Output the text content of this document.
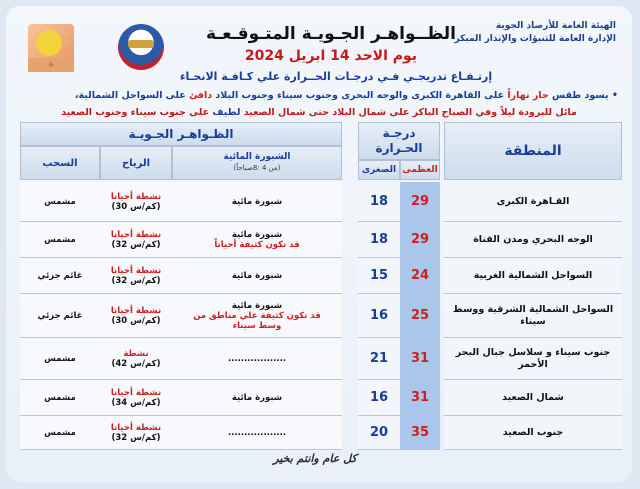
☼
الهيئة العامة للأرصاد الجوية
الإدارة العامة للتنبؤات والإنذار المبكر
الظــواهـر الجـويـة المتـوقـعـة
يوم الاحد 14 ابريل 2024
إرتـفـاع تدريجـي فـي درجـات الحــرارة علي كـافـة الانحـاء
• يسود طقس حار نهاراً على القاهرة الكبرى والوجه البحرى وجنوب سيناء وجنوب البلاد دافئ على السواحل الشمالية،
مائل للبرودة ليلاً وفي الصباح الباكر على شمال البلاد حتى شمال الصعيد لطيف على جنوب سيناء وجنوب الصعيد
الظـواهـر الجـويـة
المنطقة
درجـة الحـرارة
العظمى
الصغرى
الشبورة المائية
(من 4 :8صباحاً)
الرياح
السحب
القـاهرة الكبرى
29
18
شبورة مائية
نشطة أحيانا
(30 كم/س)
مشمس
الوجه البحري ومدن القناة
29
18
شبورة مائية
قد تكون كثيفة أحياناً
نشطة أحيانا
(32 كم/س)
مشمس
السواحل الشمالية الغربية
24
15
شبورة مائية
نشطة أحيانا
(32 كم/س)
غائم جزئي
السواحل الشمالية الشرقية ووسط سيناء
25
16
شبورة مائية
قد تكون كثيفة علي مناطق من
وسط سيناء
نشطة أحيانا
(30 كم/س)
غائم جزئي
جنوب سيناء و سلاسل جبال البحر الأحمر
31
21
..................
نشطة
(42 كم/س)
مشمس
شمال الصعيد
31
16
شبورة مائية
نشطة أحيانا
(34 كم/س)
مشمس
جنوب الصعيد
35
20
..................
نشطة أحيانا
(32 كم/س)
مشمس
كل عام وانتم بخير
